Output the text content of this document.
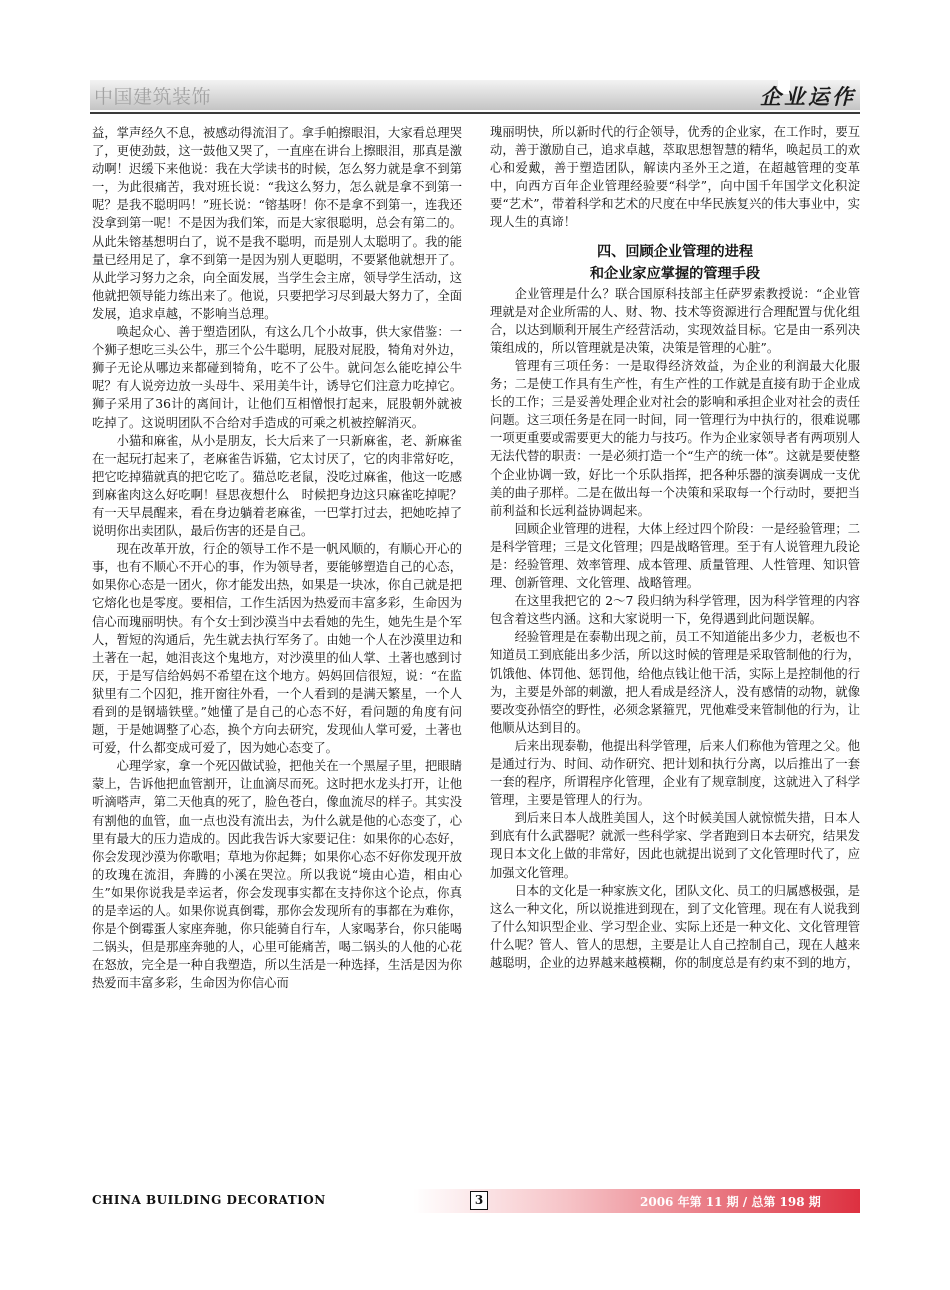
中国建筑装饰	企业运作

益，掌声经久不息，被感动得流泪了。拿手帕擦眼泪，大家看总理哭了，更使劲鼓，这一鼓他又哭了，一直座在讲台上擦眼泪，那真是激动啊！迟缓下来他说：我在大学读书的时候，怎么努力就是拿不到第一，为此很痛苦，我对班长说：“我这么努力，怎么就是拿不到第一呢？是我不聪明吗！”班长说：“镕基呀！你不是拿不到第一，连我还没拿到第一呢！不是因为我们笨，而是大家很聪明，总会有第二的。从此朱镕基想明白了，说不是我不聪明，而是别人太聪明了。我的能量已经用足了，拿不到第一是因为别人更聪明，不要紧他就想开了。从此学习努力之余，向全面发展，当学生会主席，领导学生活动，这他就把领导能力练出来了。他说，只要把学习尽到最大努力了，全面发展，追求卓越，不影响当总理。

唤起众心、善于塑造团队，有这么几个小故事，供大家借鉴：一个狮子想吃三头公牛，那三个公牛聪明，屁股对屁股，犄角对外边，狮子无论从哪边来都碰到犄角，吃不了公牛。就问怎么能吃掉公牛呢？有人说旁边放一头母牛、采用美牛计，诱导它们注意力吃掉它。狮子采用了36计的离间计，让他们互相憎恨打起来，屁股朝外就被吃掉了。这说明团队不合给对手造成的可乘之机被控解消灭。

小猫和麻雀，从小是朋友，长大后来了一只新麻雀，老、新麻雀在一起玩打起来了，老麻雀告诉猫，它太讨厌了，它的肉非常好吃，把它吃掉猫就真的把它吃了。猫总吃老鼠，没吃过麻雀，他这一吃感到麻雀肉这么好吃啊！昼思夜想什么　时候把身边这只麻雀吃掉呢？有一天早晨醒来，看在身边躺着老麻雀，一巴掌打过去，把她吃掉了说明你出卖团队，最后伤害的还是自己。

现在改革开放，行企的领导工作不是一帆风顺的，有顺心开心的事，也有不顺心不开心的事，作为领导者，要能够塑造自己的心态，如果你心态是一团火，你才能发出热，如果是一块冰，你自己就是把它熔化也是零度。要相信，工作生活因为热爱而丰富多彩，生命因为信心而瑰丽明快。有个女士到沙漠当中去看她的先生，她先生是个军人，暂短的沟通后，先生就去执行军务了。由她一个人在沙漠里边和土著在一起，她泪丧这个鬼地方，对沙漠里的仙人掌、土著也感到讨厌，于是写信给妈妈不希望在这个地方。妈妈回信很短，说：“在监狱里有二个囚犯，推开窗往外看，一个人看到的是满天繁星，一个人看到的是钢墙铁壁。”她懂了是自己的心态不好，看问题的角度有问题，于是她调整了心态，换个方向去研究，发现仙人掌可爱，土著也可爱，什么都变成可爱了，因为她心态变了。

心理学家，拿一个死囚做试验，把他关在一个黑屋子里，把眼睛蒙上，告诉他把血管割开，让血滴尽而死。这时把水龙头打开，让他听滴嗒声，第二天他真的死了，脸色苍白，像血流尽的样子。其实没有割他的血管，血一点也没有流出去，为什么就是他的心态变了，心里有最大的压力造成的。因此我告诉大家要记住：如果你的心态好，你会发现沙漠为你歌唱；草地为你起舞；如果你心态不好你发现开放的玫瑰在流泪，奔腾的小溪在哭泣。所以我说“境由心造，相由心生”如果你说我是幸运者，你会发现事实都在支持你这个论点，你真的是幸运的人。如果你说真倒霉，那你会发现所有的事都在为难你，你是个倒霉蛋人家座奔驰，你只能骑自行车，人家喝茅台，你只能喝二锅头，但是那座奔驰的人，心里可能痛苦，喝二锅头的人他的心花在怒放，完全是一种自我塑造，所以生活是一种选择，生活是因为你热爱而丰富多彩，生命因为你信心而

瑰丽明快，所以新时代的行企领导，优秀的企业家，在工作时，要互动，善于激励自己，追求卓越，萃取思想智慧的精华，唤起员工的欢心和爱戴，善于塑造团队，解读内圣外王之道，在超越管理的变革中，向西方百年企业管理经验要“科学”，向中国千年国学文化积淀要“艺术”，带着科学和艺术的尺度在中华民族复兴的伟大事业中，实现人生的真谛！

四、回顾企业管理的进程
和企业家应掌握的管理手段

企业管理是什么？联合国原科技部主任萨罗索教授说：“企业管理就是对企业所需的人、财、物、技术等资源进行合理配置与优化组合，以达到顺利开展生产经营活动，实现效益目标。它是由一系列决策组成的，所以管理就是决策，决策是管理的心脏”。

管理有三项任务：一是取得经济效益，为企业的利润最大化服务；二是使工作具有生产性，有生产性的工作就是直接有助于企业成长的工作；三是妥善处理企业对社会的影响和承担企业对社会的责任问题。这三项任务是在同一时间，同一管理行为中执行的，很难说哪一项更重要或需要更大的能力与技巧。作为企业家领导者有两项别人无法代替的职责：一是必须打造一个“生产的统一体”。这就是要使整个企业协调一致，好比一个乐队指挥，把各种乐器的演奏调成一支优美的曲子那样。二是在做出每一个决策和采取每一个行动时，要把当前利益和长远利益协调起来。

回顾企业管理的进程，大体上经过四个阶段：一是经验管理；二是科学管理；三是文化管理；四是战略管理。至于有人说管理九段论是：经验管理、效率管理、成本管理、质量管理、人性管理、知识管理、创新管理、文化管理、战略管理。

在这里我把它的 2～7 段归纳为科学管理，因为科学管理的内容包含着这些内涵。这和大家说明一下，免得遇到此问题误解。

经验管理是在泰勒出现之前，员工不知道能出多少力，老板也不知道员工到底能出多少活，所以这时候的管理是采取管制他的行为，饥饿他、体罚他、惩罚他，给他点钱让他干活，实际上是控制他的行为，主要是外部的刺激，把人看成是经济人，没有感情的动物，就像要改变孙悟空的野性，必须念紧箍咒，咒他难受来管制他的行为，让他顺从达到目的。

后来出现泰勒，他提出科学管理，后来人们称他为管理之父。他是通过行为、时间、动作研究、把计划和执行分离，以后推出了一套一套的程序，所谓程序化管理，企业有了规章制度，这就进入了科学管理，主要是管理人的行为。

到后来日本人战胜美国人，这个时候美国人就惊慌失措，日本人到底有什么武器呢？就派一些科学家、学者跑到日本去研究，结果发现日本文化上做的非常好，因此也就提出说到了文化管理时代了，应加强文化管理。

日本的文化是一种家族文化，团队文化、员工的归属感极强，是这么一种文化，所以说推进到现在，到了文化管理。现在有人说我到了什么知识型企业、学习型企业、实际上还是一种文化、文化管理管什么呢？管人、管人的思想，主要是让人自己控制自己，现在人越来越聪明，企业的边界越来越模糊，你的制度总是有约束不到的地方，

CHINA BUILDING DECORATION	3	2006 年第 11 期 / 总第 198 期
